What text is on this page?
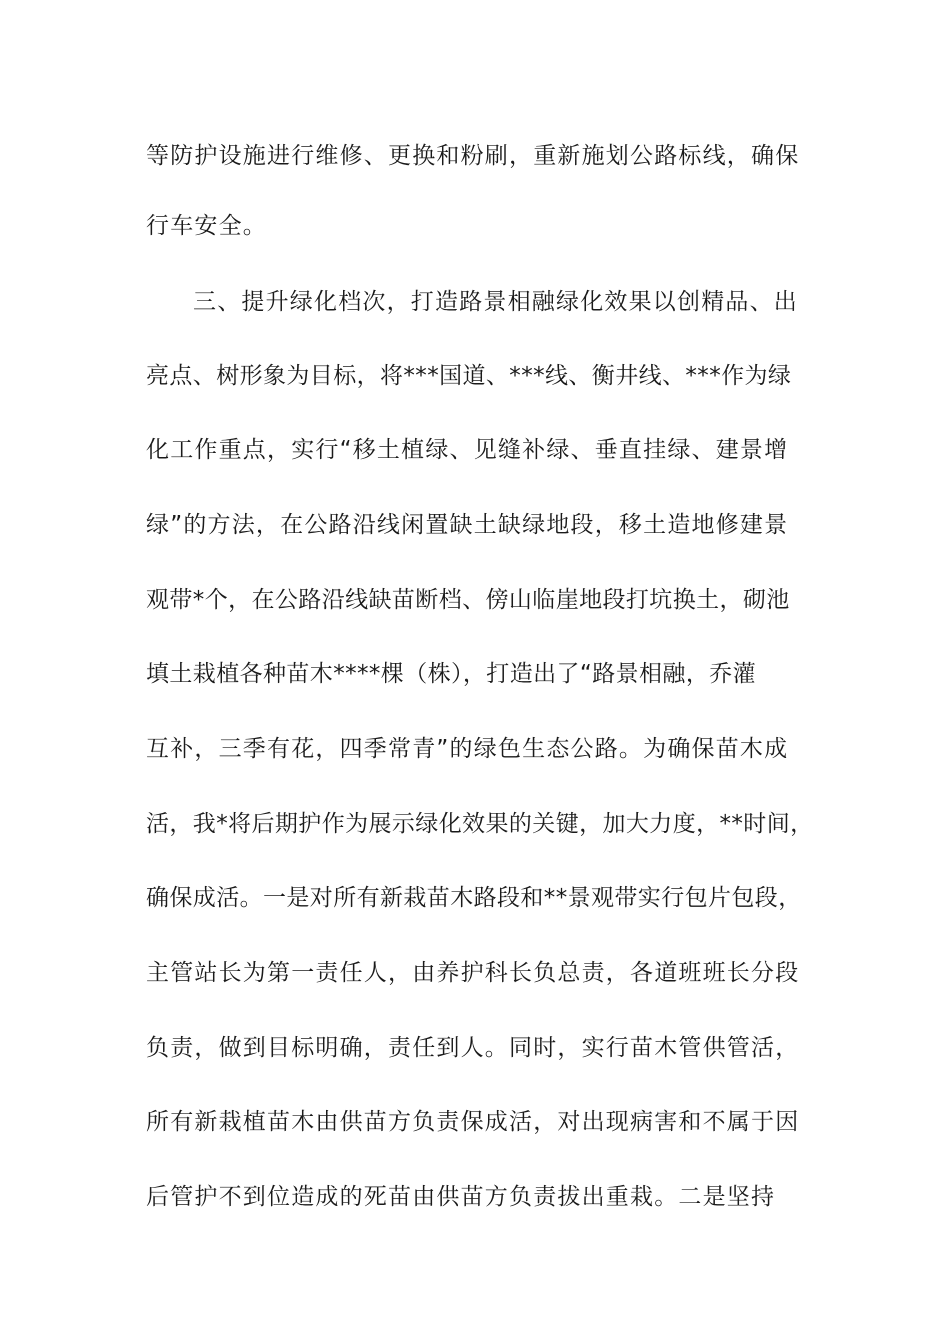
等防护设施进行维修、更换和粉刷，重新施划公路标线，确保
行车安全。
三、提升绿化档次，打造路景相融绿化效果以创精品、出
亮点、树形象为目标，将***国道、***线、衡井线、***作为绿
化工作重点，实行“移土植绿、见缝补绿、垂直挂绿、建景增
绿”的方法，在公路沿线闲置缺土缺绿地段，移土造地修建景
观带*个，在公路沿线缺苗断档、傍山临崖地段打坑换土，砌池
填土栽植各种苗木****棵（株），打造出了“路景相融，乔灌
互补，三季有花，四季常青”的绿色生态公路。为确保苗木成
活，我*将后期护作为展示绿化效果的关键，加大力度，**时间，
确保成活。一是对所有新栽苗木路段和**景观带实行包片包段，
主管站长为第一责任人，由养护科长负总责，各道班班长分段
负责，做到目标明确，责任到人。同时，实行苗木管供管活，
所有新栽植苗木由供苗方负责保成活，对出现病害和不属于因
后管护不到位造成的死苗由供苗方负责拔出重栽。二是坚持
